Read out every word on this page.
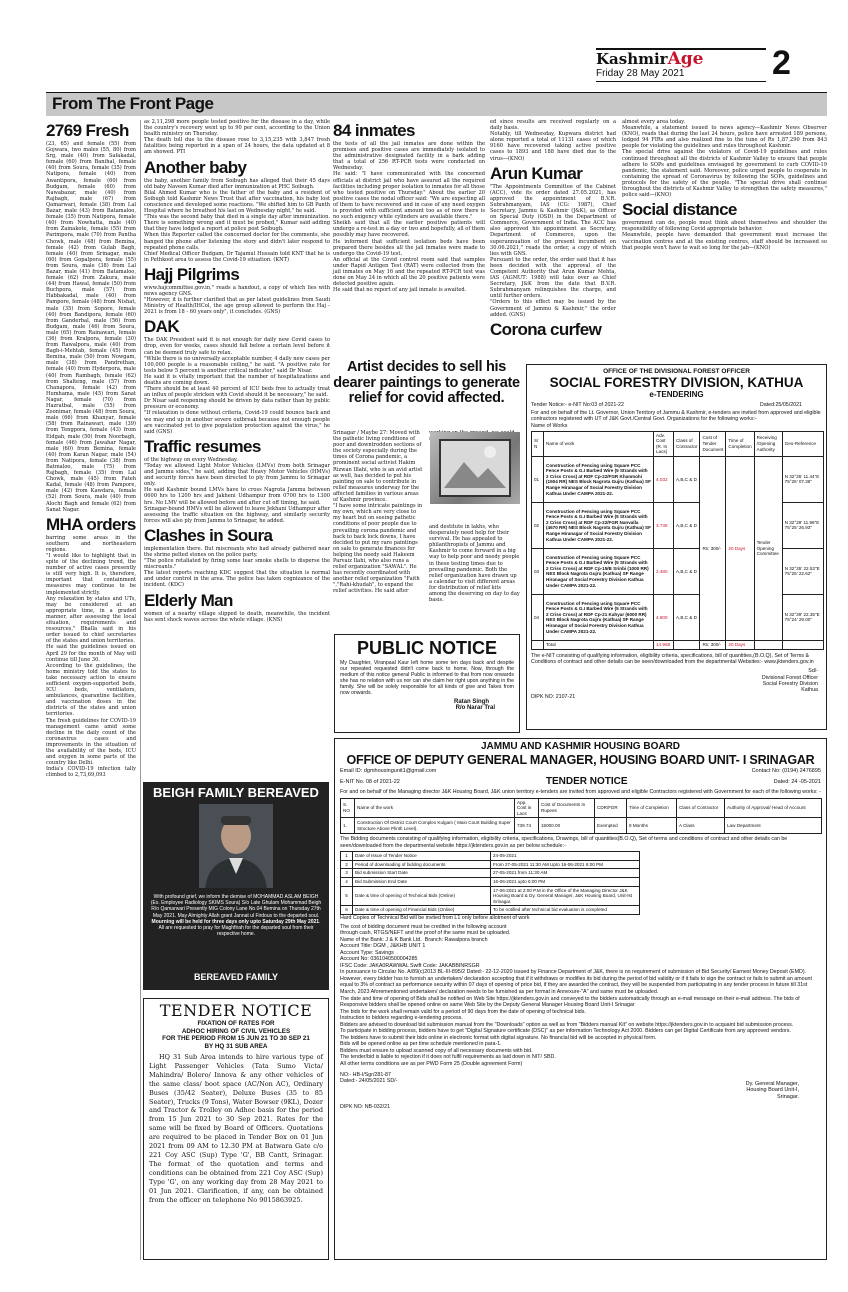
KashmirAge
Friday 28 May 2021	2
From The Front Page
2769 Fresh
(23, 65) and female (55) from Gojwara, two males (55, 80) from Srg, male (40) from Safakadal, female (60) from Banihal, female (40) from Soura, female (35) from Natipora, female (40) from Awantipora, female (60) from Budgam, female (60) from Nawabazar, male (40) from Rajbagh, male (67) from Qamarwari, female (38) from Lal Bazar, male (43) from Batamaloo, female (35) from Natipora, female (40) from Nowhatta, male (40) from Zainakote, female (55) from Parimpora, male (70) from Pantha Chowk, male (48) from Bemina, female (42) from Gulab Bagh, female (40) from Srinagar, male (60) from Gopalpora, female (55) from Soura, male (38) from Lal Bazar, male (41) from Batamaloo, female (62) from Zakura, male (44) from Hawal, female (50) from Buchpora, male (57) from Habbakadal, male (40) from Pampore, female (48) from Nishat, male (35) from Sopore, female (40) from Bandipora, female (60) from Ganderbal, male (56) from Budgam, male (46) from Soura, male (65) from Rainawari, female (36) from Kralpora, female (30) from Rawalpora, male (40) from Bagh-i-Mehtab, female (45) from Bemina, male (50) from Nowgam, male (38) from Pandrethan, female (40) from Hyderpora, male (40) from Rambagh, female (62) from Shalteng, male (57) from Chanapora, female (42) from Humhama, male (45) from Sanat Nagar, female (70) from Hazratbal, male (55) from Zoonimar, female (48) from Soura, male (66) from Khanyar, female (58) from Rainawari, male (39) from Tengpora, female (43) from Eidgah, male (50) from Noorbagh, female (46) from Jawahar Nagar, male (60) from Bemina, female (40) from Karan Nagar, male (54) from Natipora, female (38) from Batmaloo, male (75) from Rajbagh, female (35) from Lal Chowk, male (45) from Fateh Kadal, female (48) from Pampore, male (42) from Kawdara, female (52) from Soura, male (40) from Alochi Bagh and female (62) from Sanat Nagar.
MHA orders
barring some areas in the southern and northeastern regions.
"I would like to highlight that in spite of the declining trend, the number of active cases presently is still very high. It is, therefore, important that containment measures may continue to be implemented strictly.
Any relaxation by states and UTs, may be considered at an appropriate time, in a graded manner, after assessing the local situation, requirements and resources," Bhalla said in his order issued to chief secretaries of the states and union territories.
He said the guidelines issued on April 29 for the month of May will continue till June 30.
According to the guidelines, the home ministry told the states to take necessary action to ensure sufficient oxygen-supported beds, ICU beds, ventilators, ambulances, quarantine facilities, and vaccination doses in the districts of the states and union territories.
The fresh guidelines for COVID-19 management came amid some decline in the daily count of the coronavirus cases and improvements in the situation of the availability of the beds, ICU and oxygen in some parts of the country like Delhi.
India's COVID-19 infection tally climbed to 2,73,69,093
as 2,11,298 more people tested positive for the disease in a day, while the country's recovery went up to 90 per cent, according to the Union health ministry on Thursday.
The death toll due to the disease rose to 3,15,235 with 3,847 fresh fatalities being reported in a span of 24 hours, the data updated at 8 am showed. PTI
Another baby
the baby, another family from Soibugh has alleged that their 45 days old baby Naveen Kumar died after immunization at PHC Soibugh.
Bilal Ahmed Kumar who is the father of the baby and a resident of Soibugh told Kashmir News Trust that after vaccination, his baby lost conscience and developed some reactions. "We shifted him to GB Panth Hospital where he breathed his last on Wednesday night," he said.
"This was the second baby that died in a single day after immunization. There is something wrong and it must be probed," Kumar said adding that they have lodged a report at police post Soibugh.
When this Reporter called the concerned doctor for the comments, she banged the phone after listening the story and didn't later respond to repeated phone calls.
Chief Medical Officer Budgam, Dr Tajamul Hussain told KNT that he is in Pethkoot area to assess the Covid-19 situation. (KNT)
Hajj Pilgrims
www.hajcommittee.gov.in," reads a handout, a copy of which lies with news agency GNS.
"However, it is further clarified that as per latest guidelines from Saudi Ministry of Health/IHCol, the age group allowed to perform the Haj - 2021 is from 18 - 60 years only", it concludes. (GNS)
DAK
The DAK President said it is not enough for daily new Covid cases to drop, even for weeks, cases should fall below a certain level before it can be deemed truly safe to relax.
"While there is no universally acceptable number, 4 daily new cases per 100,000 people is a reasonable ceiling," he said. "A positive rate for tests below 5 percent is another critical indicator," said Dr Nisar.
He said it is vitally important that the number of hospitalizations and deaths are coming down.
"There should be at least 40 percent of ICU beds free to actually treat an influx of people stricken with Covid should it be necessary," he said.
Dr Nisar said reopening should be driven by data rather than by public pressure or economy.
"If relaxation is done without criteria, Covid-19 could bounce back and we may end up in another severe outbreak because not enough people are vaccinated yet to give population protection against the virus," he said (GNS)
Traffic resumes
of the highway on every Wednesday.
"Today we allowed Light Motor Vehicles (LMVs) from both Srinagar and Jammu sides," he said, adding that Heavy Motor Vehicles (HMVs) and security forces have been directed to ply from Jammu to Srinagar only.
He said Kashmir bound LMVs have to cross Nagrota Jammu between 0600 hrs to 1200 hrs and Jakheni Udhampur from 0700 hrs to 1300 hrs. No LMV will be allowed before and after cut off timing, he said.
Srinagar-bound HMVs will be allowed to leave Jekhani Udhampur after assessing the traffic situation on the highway, and similarly security forces will also ply from Jammu to Srinagar, he added.
Clashes in Soura
implementation there. But miscreants who had already gathered near the shrine pelted stones on the police party.
"The police retaliated by firing some tear smoke shells to disperse the miscreants."
The latest reports reaching KDC suggest that the situation is normal and under control in the area. The police has taken cognizance of the incident. (KDC)
Elderly Man
women of a nearby village slipped to death, meanwhile, the incident has sent shock waves across the whole village. (KNS)
84 inmates
the tests of all the jail inmates are done within the premises and positive cases are immediately isolated to the administrative designated facility in a bark adding that a total of 256 RT-PCR tests were conducted on Wednesday.
He said: "I have communicated with the concerned officials at district jail who have assured all the required facilities including proper isolation to inmates for all those who tested positive on Thursday." About the earlier 20 positive cases the nodal officer said: "We are expecting all of them to have recovered and in case of any need oxygen is provided with sufficient amount too as of now there is no such exigency while cylinders are available there."
Sheikh said that all the earlier positive patients will undergo a re-test in a day or two and hopefully, all of them possibly may have recovered.
He informed that sufficient isolation beds have been prepared there besides all the jail inmates were made to undergo the Covid-19 test.
An official at the Covid control room said that samples under Rapid Antigen Test (RAT) were collected from the jail inmates on May 16 and the repeated RT-PCR test was done on May 24 in which all the 20 positive patients were detected positive again.
He said that no report of any jail inmate is awaited.
ed since results are received regularly on a daily basis.
Notably, till Wednesday, Kupwara district had alone reported a total of 11131 cases of which 9160 have recovered taking active positive cases to 1893 and 188 have died due to the virus—(KNO)
Arun Kumar
"The Appointments Committee of the Cabinet (ACC), vide its order dated 27.05.2021, has approved the appointment of B.V.R. Subrahmanyam, IAS (CG: 1987), Chief Secretary, Jammu & Kashmir (J&K), as Officer on Special Duty (OSD) in the Department of Commerce, Government of India. The ACC has also approved his appointment as Secretary, Department of Commerce, upon the superannuation of the present incumbent on 30.06.2021," reads the order, a copy of which lies with GNS.
Pursuant to the order, the order said that it has been decided with the approval of the Competent Authority that Arun Kumar Mehta, IAS (AGMUT: 1988) will take over as Chief Secretary, J&K from the date that B.V.R. Subrahmanyam relinquishes the charge, and until further orders.
"Orders to this effect may be issued by the Government of Jammu & Kashmir," the order added. (GNS)
Corona curfew
almost every area today.
Meanwhile, a statement issued to news agency—Kashmir News Observer (KNO), reads that during the last 24 hours, police have arrested 189 persons, lodged 94 FIRs and also realized fine to the tune of Rs 1,87,290 from 843 people for violating the guidelines and rules throughout Kashmir.
The special drive against the violators of Covid-19 guidelines and rules continued throughout all the districts of Kashmir Valley to ensure that people adhere to SOPs and guidelines envisaged by government to curb COVID-19 pandemic, the statement said. Moreover, police urged people to cooperate in containing the spread of Coronavirus by following the SOPs, guidelines and protocols for the safety of the people. "The special drive shall continue throughout the districts of Kashmir Valley to strengthen the safety measures," police said—(KNO)
Social distance
government can do, people must think about themselves and shoulder the responsibility of following Covid appropriate behavior.
Meanwhile, people have demanded that government must increase the vaccination centres and at the existing centres, staff should be increased so that people won't have to wait so long for the jab—(KNO)
Artist decides to sell his dearer paintings to generate relief for covid affected.
Srinagar / Maybe 27: Moved with the pathetic living conditions of poor and downtrodden sections of the society especially during the times of Corona pandemic, a prominent social activist Hakim Rizwan Illahi, who is an avid artist as well, has decided to put his painting on sale to contribute in relief measures underway for the affected families in various areas of Kashmir province.
"I have some intricate paintings in my own, which are very close to my heart but on seeing pathetic conditions of poor people due to prevailing corona pandemic and back to back lock downs, I have decided to put my rare paintings on sale to generate finances for helping the needy said Hakeem Parvaiz Ilahi, who also runs a relief organization "SAWAL". He has recently coordinated with another relief organization "Faith ","Rahi-khudah", to expand the relief activities. He said after
and destitute in lakhs, who desperately need help for their survival. He has appealed to philanthropists of Jammu and Kashmir to come forward in a big way to help poor and needy people in these testing times due to prevailing pandemic. Both the relief organization have drawn up a calendar to visit different areas for distribution of relief kits among the deserving on day to day basis.
PUBLIC NOTICE
My Daughter, Viranpaal Kaur left home some ten days back and despite our repeated requested didn't come back to home. Now, through the medium of this notice general Public is informed to that from now onwards she has no relation with us nor can she claim her right upon anything in the family. She will be solely responsible for all kinds of give and Takes from now onwards.
Ratan Singh
R/o Narar Tral
BEIGH FAMILY BEREAVED
With profound grief, we inform the demise of MOHAMMAD ASLAM BEIGH (Ex. Employee Radiology SKIMS Soura) S/o Late Ghulam Mohammad Beigh R/o Qamarwari Presently MIG Colony Lane No.04 Bemina on Thursday 27th May 2021. May Almighty Allah grant Jannat ul Firdous to the departed soul. Mourning will be held for three days only upto Saturday 29th May 2021. All are requested to pray for Maghfirah for the departed soul from their respective home.
BEREAVED FAMILY
TENDER NOTICE
FIXATION OF RATES FOR
ADHOC HIRING OF CIVIL VEHICLES
FOR THE PERIOD FROM 15 JUN 21 TO 30 SEP 21
BY HQ 31 SUB AREA
HQ 31 Sub Area intends to hire various type of Light Passenger Vehicles (Tata Sumo Victa/ Mahindra/ Bolero/ Innova & any other vehicles of the same class/ boot space (AC/Non AC), Ordinary Buses (35/42 Seater), Deluxe Buses (35 to 85 Seater), Trucks (9 Tons), Water Bowser (9KL), Dozer and Tractor & Trolley on Adhoc basis for the period from 15 Jun 2021 to 30 Sep 2021. Rates for the same will be fixed by Board of Officers. Quotations are required to be placed in Tender Box on 01 Jun 2021 from 09 AM to 12.30 PM at Batwara Gate c/o 221 Coy ASC (Sup) Type 'G', BB Cantt, Srinagar. The format of the quotation and terms and conditions can be obtained from 221 Coy ASC (Sup) Type 'G', on any working day from 28 May 2021 to 01 Jun 2021. Clarification, if any, can be obtained from the officer on telephone No 9015863925.
OFFICE OF THE DIVISIONAL FOREST OFFICER
SOCIAL FORESTRY DIVISION, KATHUA
e-TENDERING
Tender Notice:- e-NIT No:03 of 2021-22	Dated:25/05/2021
For and on behalf of the Lt. Governor, Union Territory of Jammu & Kashmir, e-tenders are invited from approved and eligible contractors registered with UT of J&K Govt./Central Govt. Organizations for the following works:-
Name of Works
S/ N	Name of work	Adv. Cost (R. In Lacs)	Class of Contractor	Cost of Tender Document	Time of Completion	Receiving /Opening Authority	Geo-Reference
01	Construction of Fencing using Square PCC Fence Posts & G.I Barbed Wire (5 Strands with 2 Criss Cross) at RDF Cp-22/FGR Khanmohi (1504 RR) NES Block Nagrota Gujru (Kathua) SF Range Hiranagar of Social Forestry Division Kathua Under CAMPA 2021-22.	4.032	A,B,C & D	Rs: 300/-	20 Days	Tender Opening Committee	N 32°35' 11.44"E 75°25' 07.36"
02	Construction of Fencing using Square PCC Fence Posts & G.I Barbed Wire (5 Strands with 2 Criss Cross) at RDF Cp-22/FGR Nanvalla (4670 RR) NES Block Nagrota Gujru (Kathua) SF Range Hiranagar of Social Forestry Division Kathua Under CAMPA 2021-22.	3.736	A,B,C & D				N 32°39' 11.96"E 75°25' 26.93"
03	Construction of Fencing using Square PCC Fence Posts & G.I Barbed Wire (5 Strands with 2 Criss Cross) at RDF Cp-15/B Srinbi (1000 RR) NES Block Nagrota Gujru (Kathua) SF Range Hiranagar of Social Forestry Division Kathua Under CAMPA 2021-22.	2.480	A,B,C & D				N 32°35' 22.53"E 75°25' 22.62"
04	Construction of Fencing using Square PCC Fence Posts & G.I Barbed Wire (5 Strands with 2 Criss Cross) at RDF Cp-21 Kahyar (6000 RR) NES Block Nagrota Gujru (Kathua) SF Range Hiranagar of Social Forestry Division Kathua Under CAMPA 2021-22.	4.800	A,B,C & D				N 32°39' 22.35"E 75°24' 29.00"
	Total	14.968		Rs: 300/-	20 Days		
The e-NIT consisting of qualifying information, eligibility criteria, specifications, bill of quantities,(B.O.Q), Set of Terms & Conditions of contract and other details can be seen/downloaded from the departmental Websites:- www.jktenders.gov.in
Sd/-
Divisional Forest Officer
Social Forestry Division
Kathua
DIPK NO: 2107-21
JAMMU AND KASHMIR HOUSING BOARD
OFFICE OF DEPUTY GENERAL MANAGER, HOUSING BOARD UNIT- I SRINAGAR
Email ID: dgmhousingunit1@gmail.com	Contact No: (0194) 2476895
E-NIT No. 08 of 2021-22	TENDER NOTICE	Dated: 24 -05-2021
For and on behalf of the Managing director J&K Housing Board, J&K union territory e-tenders are invited from approved and eligible Contractors registered with Government for each of the following works: -
S. NO	Name of the work	App. Cost in Lacs	Cost of Documents In Rupees	CDR/FDR	Time of Completion	Class of Contractor	Authority of Approval/ Head of Account
1.	Construction Of District Court Complex Kulgam ( Main Court Building Super Structure Above Plinth Level).	739.74	15000.00	Exempted	8 Months	A Class	Law Department
The Bidding documents consisting of qualifying information, eligibility criteria, specifications, Drawings, bill of quantities(B.O.Q), Set of terms and conditions of contract and other details can be seen/downloaded from the departmental website https://jktenders.gov.in as per below schedule:-
1	Date of Issue of Tender Notice	24-05-2021
2	Period of downloading of bidding documents	From 27-05-2021 11:30 AM Upto 16-06-2021 6:00 PM
3	Bid submission Start Date	27-05-2021 from 11:30 AM
4	Bid Submission End Date	16-06-2021 upto 6:00 PM
5	Date & time of opening of Technical Bids (Online)	17-06-2021 at 2:00 P.M in the Office of the Managing Director J&K Housing Board & Dy. General Manager, J&K Housing Board, Unit-Ist Srinagar.
6	Date & time of opening of Financial Bids (Online)	To be notified after technical bid evaluation is completed
Hard Copies of Technical Bid will be invited from L1 only before allotment of work
The cost of bidding document must be credited in the following account
through cash, RTGS/NEFT and the proof of the same must be uploaded.
Name of the Bank: J & K Bank Ltd.  Branch: Rawalpora branch
Account Title: DGM , J&KHB UNIT 1
Account Type: Savings
Account No: 0361040500004285
IFSC Code: JAKA0RAWWAL Swift Code: JAKABBINRSGR
In pursuance to Circular No. A/89(c)2013 BL-III-895/2 Dated:- 22-12-2020 issued by Finance Department of J&K, there is no requirement of submission of Bid Security/ Earnest Money Deposit (EMD). However, every bidder has to furnish an undertaken/ declaration accepting that if it withdraws or modifies its bid during the period of bid validity or if it fails to sign the contract or fails to submit an amount equal to 3% of contract as performance security within 07 days of opening of price bid, if they are awarded the contract, they will be suspended from participating in any tender process in future till 31st March, 2023 Aforementioned undertaken/ declaration needs to be furnished as per format in Annexure-"A" and same must be uploaded.
The date and time of opening of Bids shall be notified on Web Site https://jktenders.gov.in and conveyed to the bidders automatically through an e-mail message on their e-mail address. The bids of Responsive bidders shall be opened online on same Web Site by the Deputy General Manager Housing Board Unit-I Srinagar
The bids for the work shall remain valid for a period of 90 days from the date of opening of technical bids.
Instruction to bidders regarding e-tendering process.
Bidders are advised to download bid submission manual from the "Downloads" option as well as from "Bidders manual Kit" on website https://jktenders.gov.in to acquaint bid submission process.
To participate in bidding process, bidders have to get "Digital Signature certificate (DSC)" as per information Technology Act 2000. Bidders can get Digital Certificate from any approved vendors.
The bidders have to submit their bids online in electronic format with digital signature. No financial bid will be accepted in physical form.
Bids will be opened online as per time schedule mentioned in para-1.
Bidders must ensure to upload scanned copy of all necessary documents with bid.
The tender/bid is liable to rejection if it does not fulfil requirements as laid down in NIT/ SBD.
All other terms conditions are as per PWD Form 25 (Double agreement Form)
NO:- HB-I/Sgr/281-87
Dated:- 24/05/2021 SD/-	Dy. General Manager,
Housing Board Unit-I,
Srinagar.
DIPK NO: NB-032/21
